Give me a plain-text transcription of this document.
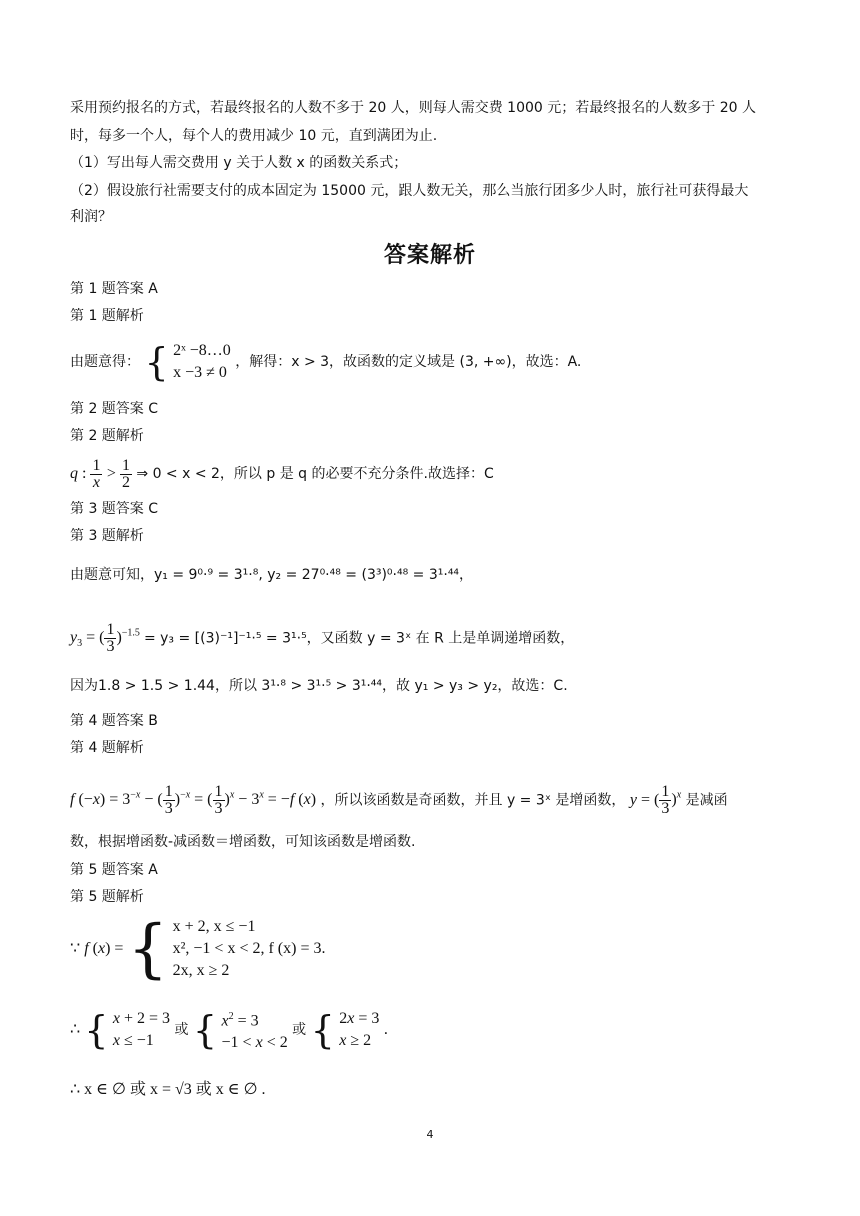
采用预约报名的方式，若最终报名的人数不多于 20 人，则每人需交费 1000 元；若最终报名的人数多于 20 人
时，每多一个人，每个人的费用减少 10 元，直到满团为止.
（1）写出每人需交费用 y 关于人数 x 的函数关系式；
（2）假设旅行社需要支付的成本固定为 15000 元，跟人数无关，那么当旅行团多少人时，旅行社可获得最大
利润？
答案解析
第 1 题答案 A
第 1 题解析
由题意得： { 2ˣ −8…0
x −3 ≠ 0
，解得：x > 3，故函数的定义域是 (3, +∞)，故选：A.
第 2 题答案 C
第 2 题解析
q : $\frac{1}{x} > \frac{1}{2}$ ⇒ 0 < x < 2，所以 p 是 q 的必要不充分条件.故选择：C
第 3 题答案 C
第 3 题解析
由题意可知，y₁ = 9⁰·⁹ = 3¹·⁸, y₂ = 27⁰·⁴⁸ = (3³)⁰·⁴⁸ = 3¹·⁴⁴，
$y_3$ = ( $\frac{1}{3} )^{-1.5} = y_3 = [(3)^{-1}]^{-1}\cdot^5 = 3^1\cdot^5$，又函数 y = 3ˣ 在 R 上是单调递增函数，
因为1.8 > 1.5 > 1.44，所以 3¹·⁸ > 3¹·⁵ > 3¹·⁴⁴，故 y₁ > y₃ > y₂，故选：C.
第 4 题答案 B
第 4 题解析
f $(-x) = 3^{-x}$ − ( $\frac{1}{3} )^{-x}$ = ( $\frac{1}{3} )^x - 3^x = -f$ (x) ，所以该函数是奇函数，并且 y = 3ˣ 是增函数， y = ( $\frac{1}{3} )^x$ 是减函
数，根据增函数-减函数＝增函数，可知该函数是增函数.
第 5 题答案 A
第 5 题解析
∵ f (x) = { x + 2, x ≤ −1
x², −1 < x < 2, f (x) = 3.
2x, x ≥ 2
∴ { x + 2 = 3
x ≤ −1
或 { $x^2 = 3$
−1 < x < 2
或 { 2x = 3
x ≥ 2
.
∴ x ∈ ∅ 或 x = √3 或 x ∈ ∅ .
4
